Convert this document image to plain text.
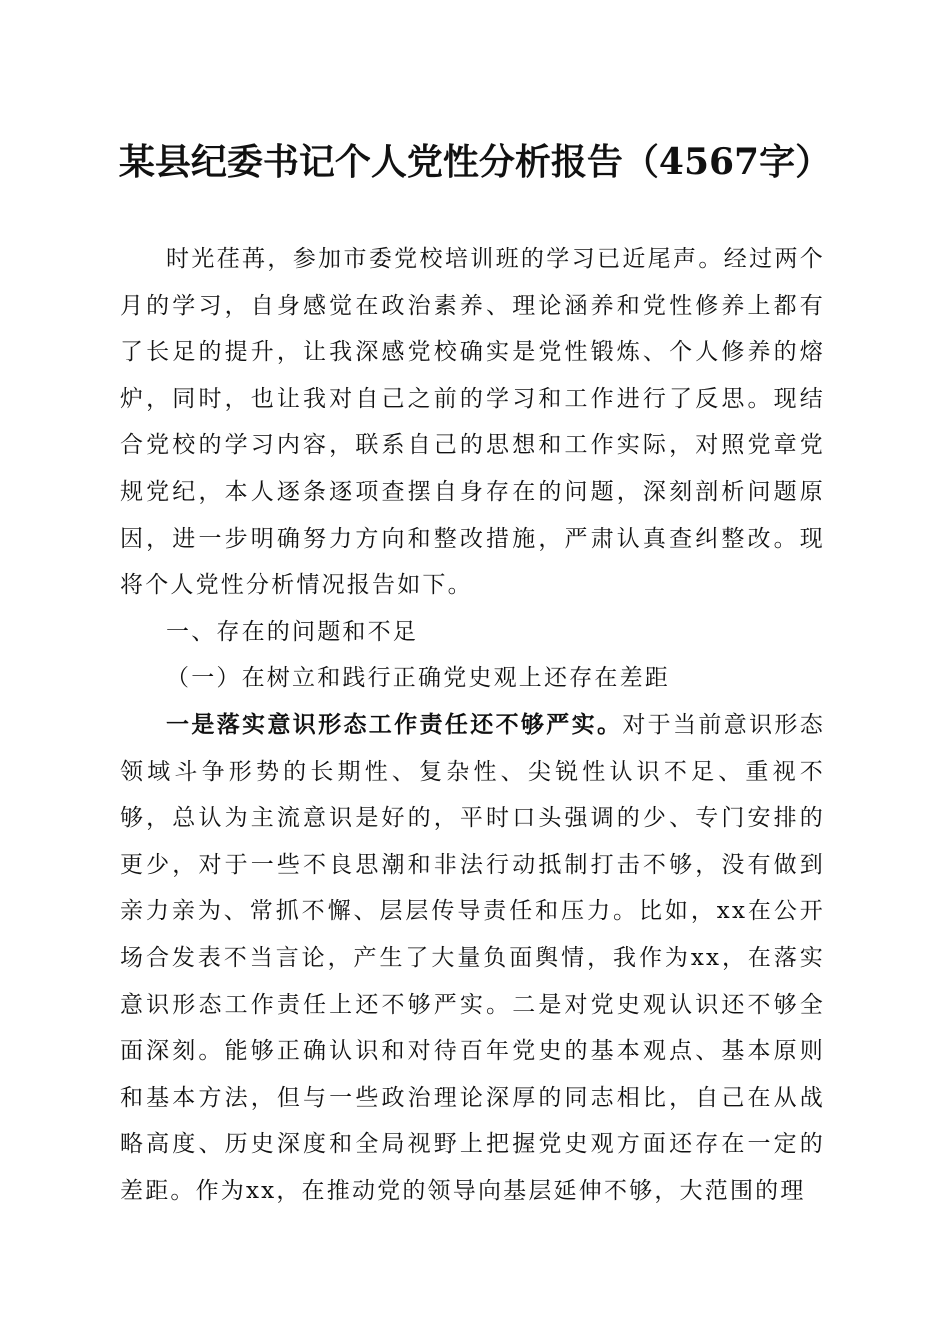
某县纪委书记个人党性分析报告（4567字）

时光荏苒，参加市委党校培训班的学习已近尾声。经过两个月的学习，自身感觉在政治素养、理论涵养和党性修养上都有了长足的提升，让我深感党校确实是党性锻炼、个人修养的熔炉，同时，也让我对自己之前的学习和工作进行了反思。现结合党校的学习内容，联系自己的思想和工作实际，对照党章党规党纪，本人逐条逐项查摆自身存在的问题，深刻剖析问题原因，进一步明确努力方向和整改措施，严肃认真查纠整改。现将个人党性分析情况报告如下。

一、存在的问题和不足

（一）在树立和践行正确党史观上还存在差距

一是落实意识形态工作责任还不够严实。对于当前意识形态领域斗争形势的长期性、复杂性、尖锐性认识不足、重视不够，总认为主流意识是好的，平时口头强调的少、专门安排的更少，对于一些不良思潮和非法行动抵制打击不够，没有做到亲力亲为、常抓不懈、层层传导责任和压力。比如，xx在公开场合发表不当言论，产生了大量负面舆情，我作为xx，在落实意识形态工作责任上还不够严实。二是对党史观认识还不够全面深刻。能够正确认识和对待百年党史的基本观点、基本原则和基本方法，但与一些政治理论深厚的同志相比，自己在从战略高度、历史深度和全局视野上把握党史观方面还存在一定的差距。作为xx，在推动党的领导向基层延伸不够，大范围的理
